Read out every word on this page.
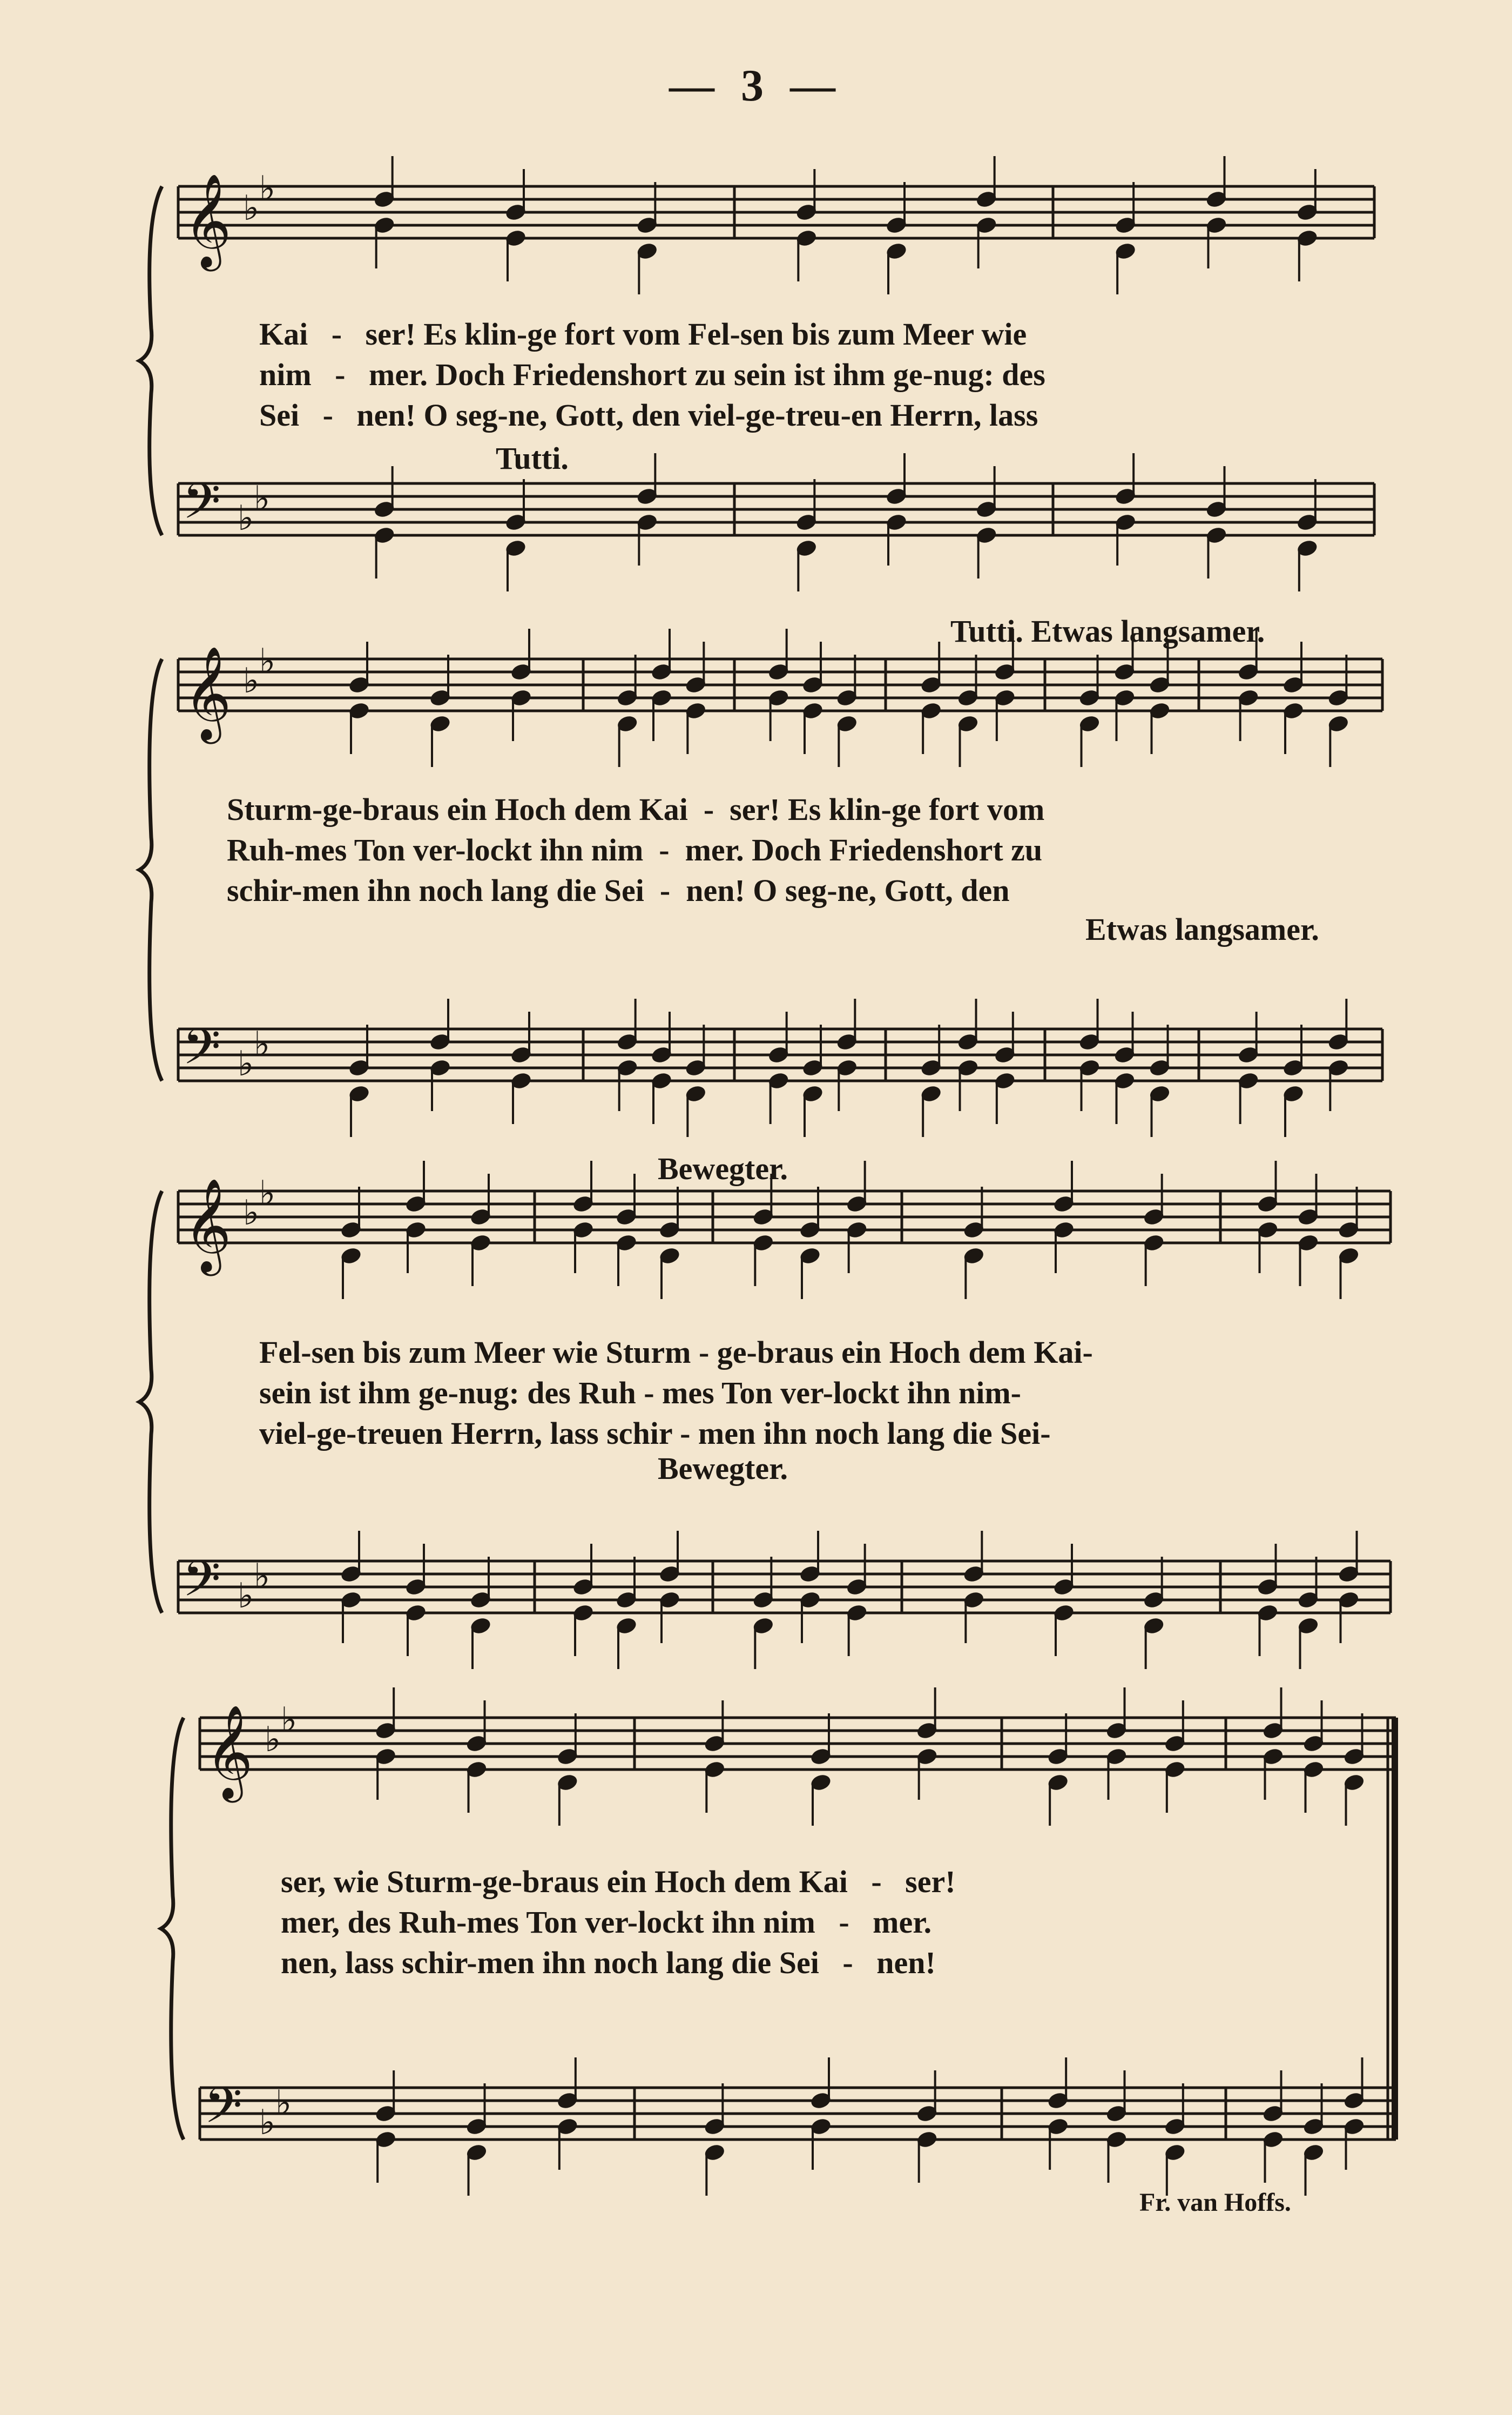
— 3 —
𝄞
𝄢
♭
♭
♭
♭
𝄞
𝄢
♭
♭
♭
♭
𝄞
𝄢
♭
♭
♭
♭
𝄞
𝄢
♭
♭
♭
♭
Kai   -   ser! Es klin-ge fort vom Fel-sen bis zum Meer wie
nim   -   mer. Doch Friedenshort zu sein ist ihm ge-nug: des
Sei   -   nen! O seg-ne, Gott, den viel-ge-treu-en Herrn, lass
Tutti.
Tutti. Etwas langsamer.
Sturm-ge-braus ein Hoch dem Kai  -  ser! Es klin-ge fort vom
Ruh-mes Ton ver-lockt ihn nim  -  mer. Doch Friedenshort zu
schir-men ihn noch lang die Sei  -  nen! O seg-ne, Gott, den
Etwas langsamer.
Bewegter.
Fel-sen bis zum Meer wie Sturm - ge-braus ein Hoch dem Kai-
sein ist ihm ge-nug: des Ruh - mes Ton ver-lockt ihn nim-
viel-ge-treuen Herrn, lass schir - men ihn noch lang die Sei-
Bewegter.
ser, wie Sturm-ge-braus ein Hoch dem Kai   -   ser!
mer, des Ruh-mes Ton ver-lockt ihn nim   -   mer.
nen, lass schir-men ihn noch lang die Sei   -   nen!
Fr. van Hoffs.
